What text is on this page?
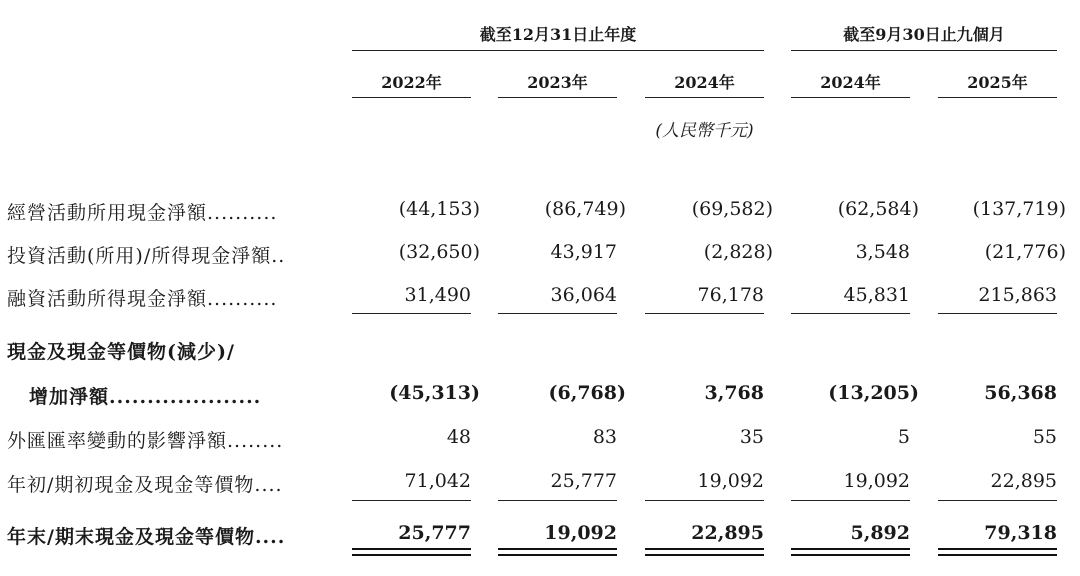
截至12月31日止年度	截至9月30日止九個月
2022年	2023年	2024年	2024年	2025年
(人民幣千元)
經營活動所用現金淨額..........	(44,153)	(86,749)	(69,582)	(62,584)	(137,719)
投資活動(所用)/所得現金淨額..	(32,650)	43,917	(2,828)	3,548	(21,776)
融資活動所得現金淨額..........	31,490	36,064	76,178	45,831	215,863
現金及現金等價物(減少)/
增加淨額....................	(45,313)	(6,768)	3,768	(13,205)	56,368
外匯匯率變動的影響淨額........	48	83	35	5	55
年初/期初現金及現金等價物....	71,042	25,777	19,092	19,092	22,895
年末/期末現金及現金等價物....	25,777	19,092	22,895	5,892	79,318
